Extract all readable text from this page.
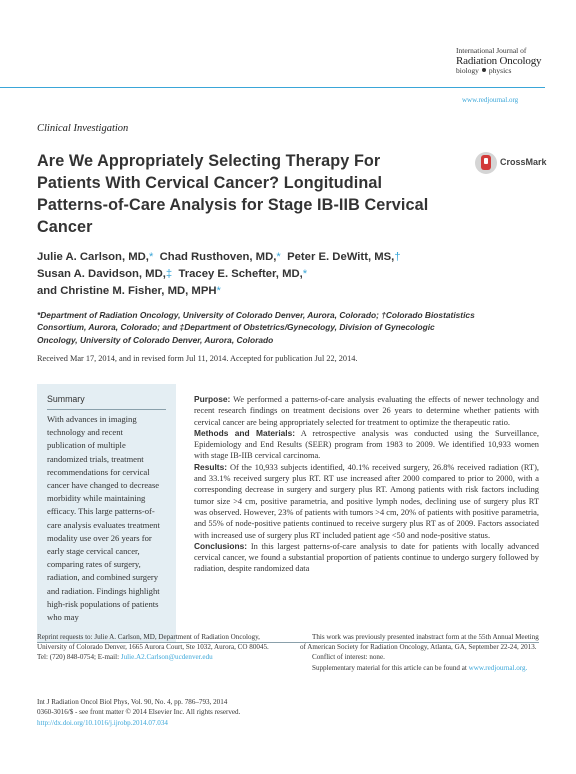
International Journal of
Radiation Oncology
biology physics
www.redjournal.org
Clinical Investigation
Are We Appropriately Selecting Therapy For Patients With Cervical Cancer? Longitudinal Patterns-of-Care Analysis for Stage IB-IIB Cervical Cancer
CrossMark
Julie A. Carlson, MD,* Chad Rusthoven, MD,* Peter E. DeWitt, MS,†
Susan A. Davidson, MD,‡ Tracey E. Schefter, MD,*
and Christine M. Fisher, MD, MPH*
*Department of Radiation Oncology, University of Colorado Denver, Aurora, Colorado; †Colorado Biostatistics Consortium, Aurora, Colorado; and ‡Department of Obstetrics/Gynecology, Division of Gynecologic Oncology, University of Colorado Denver, Aurora, Colorado
Received Mar 17, 2014, and in revised form Jul 11, 2014. Accepted for publication Jul 22, 2014.
Summary
With advances in imaging technology and recent publication of multiple randomized trials, treatment recommendations for cervical cancer have changed to decrease morbidity while maintaining efficacy. This large patterns-of-care analysis evaluates treatment modality use over 26 years for early stage cervical cancer, comparing rates of surgery, radiation, and combined surgery and radiation. Findings highlight high-risk populations of patients who may
Purpose: We performed a patterns-of-care analysis evaluating the effects of newer technology and recent research findings on treatment decisions over 26 years to determine whether patients with cervical cancer are being appropriately selected for treatment to optimize the therapeutic ratio.
Methods and Materials: A retrospective analysis was conducted using the Surveillance, Epidemiology and End Results (SEER) program from 1983 to 2009. We identified 10,933 women with stage IB-IIB cervical carcinoma.
Results: Of the 10,933 subjects identified, 40.1% received surgery, 26.8% received radiation (RT), and 33.1% received surgery plus RT. RT use increased after 2000 compared to prior to 2000, with a corresponding decrease in surgery and surgery plus RT. Among patients with risk factors including tumor size >4 cm, positive parametria, and positive lymph nodes, declining use of surgery plus RT was observed. However, 23% of patients with tumors >4 cm, 20% of patients with positive parametria, and 55% of node-positive patients continued to receive surgery plus RT as of 2009. Factors associated with increased use of surgery plus RT included patient age <50 and node-positive status.
Conclusions: In this largest patterns-of-care analysis to date for patients with locally advanced cervical cancer, we found a substantial proportion of patients continue to undergo surgery followed by radiation, despite randomized data
Reprint requests to: Julie A. Carlson, MD, Department of Radiation Oncology, University of Colorado Denver, 1665 Aurora Court, Ste 1032, Aurora, CO 80045. Tel: (720) 848-0754; E-mail: Julie.A2.Carlson@ucdenver.edu
This work was previously presented inabstract form at the 55th Annual Meeting of American Society for Radiation Oncology, Atlanta, GA, September 22-24, 2013.
Conflict of interest: none.
Supplementary material for this article can be found at www.redjournal.org.
Int J Radiation Oncol Biol Phys, Vol. 90, No. 4, pp. 786–793, 2014
0360-3016/$ - see front matter © 2014 Elsevier Inc. All rights reserved.
http://dx.doi.org/10.1016/j.ijrobp.2014.07.034
